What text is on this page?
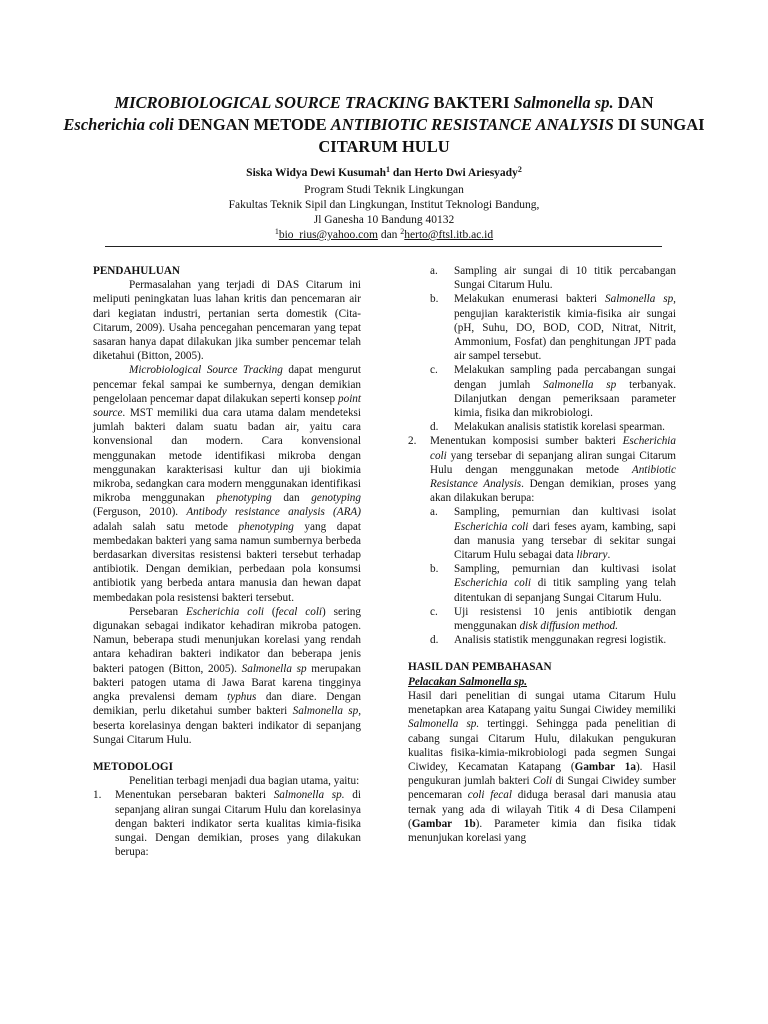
MICROBIOLOGICAL SOURCE TRACKING BAKTERI Salmonella sp. DAN
Escherichia coli DENGAN METODE ANTIBIOTIC RESISTANCE ANALYSIS DI SUNGAI CITARUM HULU
Siska Widya Dewi Kusumah$^1$ dan Herto Dwi Ariesyady$^2$
Program Studi Teknik Lingkungan
Fakultas Teknik Sipil dan Lingkungan, Institut Teknologi Bandung,
Jl Ganesha 10 Bandung 40132
$^1$bio_rius@yahoo.com dan $^2$herto@ftsl.itb.ac.id

PENDAHULUAN

Permasalahan yang terjadi di DAS Citarum ini meliputi peningkatan luas lahan kritis dan pencemaran air dari kegiatan industri, pertanian serta domestik (Cita-Citarum, 2009). Usaha pencegahan pencemaran yang tepat sasaran hanya dapat dilakukan jika sumber pencemar telah diketahui (Bitton, 2005).

Microbiological Source Tracking dapat mengurut pencemar fekal sampai ke sumbernya, dengan demikian pengelolaan pencemar dapat dilakukan seperti konsep point source. MST memiliki dua cara utama dalam mendeteksi jumlah bakteri dalam suatu badan air, yaitu cara konvensional dan modern. Cara konvensional menggunakan metode identifikasi mikroba dengan menggunakan karakterisasi kultur dan uji biokimia mikroba, sedangkan cara modern menggunakan identifikasi mikroba menggunakan phenotyping dan genotyping (Ferguson, 2010). Antibody resistance analysis (ARA) adalah salah satu metode phenotyping yang dapat membedakan bakteri yang sama namun sumbernya berbeda berdasarkan diversitas resistensi bakteri tersebut terhadap antibiotik. Dengan demikian, perbedaan pola konsumsi antibiotik yang berbeda antara manusia dan hewan dapat membedakan pola resistensi bakteri tersebut.

Persebaran Escherichia coli (fecal coli) sering digunakan sebagai indikator kehadiran mikroba patogen. Namun, beberapa studi menunjukan korelasi yang rendah antara kehadiran bakteri indikator dan beberapa jenis bakteri patogen (Bitton, 2005). Salmonella sp merupakan bakteri patogen utama di Jawa Barat karena tingginya angka prevalensi demam typhus dan diare. Dengan demikian, perlu diketahui sumber bakteri Salmonella sp, beserta korelasinya dengan bakteri indikator di sepanjang Sungai Citarum Hulu.

METODOLOGI

Penelitian terbagi menjadi dua bagian utama, yaitu:

1.	Menentukan persebaran bakteri Salmonella sp. di sepanjang aliran sungai Citarum Hulu dan korelasinya dengan bakteri indikator serta kualitas kimia-fisika sungai. Dengan demikian, proses yang dilakukan berupa:
a.	Sampling air sungai di 10 titik percabangan Sungai Citarum Hulu.
b.	Melakukan enumerasi bakteri Salmonella sp, pengujian karakteristik kimia-fisika air sungai (pH, Suhu, DO, BOD, COD, Nitrat, Nitrit, Ammonium, Fosfat) dan penghitungan JPT pada air sampel tersebut.
c.	Melakukan sampling pada percabangan sungai dengan jumlah Salmonella sp terbanyak. Dilanjutkan dengan pemeriksaan parameter kimia, fisika dan mikrobiologi.
d.	Melakukan analisis statistik korelasi spearman.
2.	Menentukan komposisi sumber bakteri Escherichia coli yang tersebar di sepanjang aliran sungai Citarum Hulu dengan menggunakan metode Antibiotic Resistance Analysis. Dengan demikian, proses yang akan dilakukan berupa:
a.	Sampling, pemurnian dan kultivasi isolat Escherichia coli dari feses ayam, kambing, sapi dan manusia yang tersebar di sekitar sungai Citarum Hulu sebagai data library.
b.	Sampling, pemurnian dan kultivasi isolat Escherichia coli di titik sampling yang telah ditentukan di sepanjang Sungai Citarum Hulu.
c.	Uji resistensi 10 jenis antibiotik dengan menggunakan disk diffusion method.
d.	Analisis statistik menggunakan regresi logistik.

HASIL DAN PEMBAHASAN

Pelacakan Salmonella sp.

Hasil dari penelitian di sungai utama Citarum Hulu menetapkan area Katapang yaitu Sungai Ciwidey memiliki Salmonella sp. tertinggi. Sehingga pada penelitian di cabang sungai Citarum Hulu, dilakukan pengukuran kualitas fisika-kimia-mikrobiologi pada segmen Sungai Ciwidey, Kecamatan Katapang (Gambar 1a). Hasil pengukuran jumlah bakteri Coli di Sungai Ciwidey sumber pencemaran coli fecal diduga berasal dari manusia atau ternak yang ada di wilayah Titik 4 di Desa Cilampeni (Gambar 1b). Parameter kimia dan fisika tidak menunjukan korelasi yang
